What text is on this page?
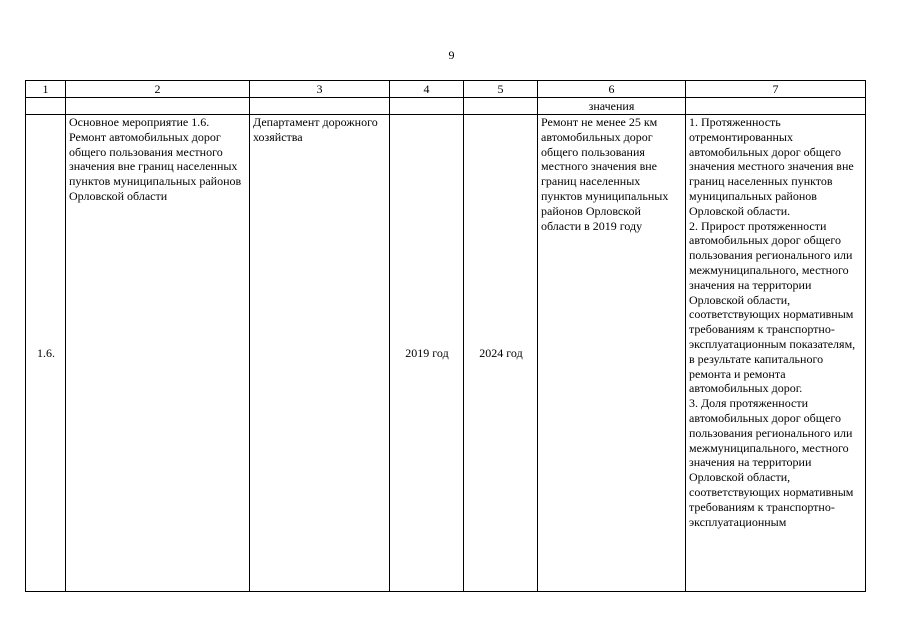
9
1	2	3	4	5	6	7
					значения	
1.6.	Основное мероприятие 1.6. Ремонт автомобильных дорог общего пользования местного значения вне границ населенных пунктов муниципальных районов Орловской области	Департамент дорожного хозяйства	2019 год	2024 год	Ремонт не менее 25 км автомобильных дорог общего пользования местного значения вне границ населенных пунктов муниципальных районов Орловской области в 2019 году	1. Протяженность отремонтированных автомобильных дорог общего значения местного значения вне границ населенных пунктов муниципальных районов Орловской области.
2. Прирост протяженности автомобильных дорог общего пользования регионального или межмуниципального, местного значения на территории Орловской области, соответствующих нормативным требованиям к транспортно-эксплуатационным показателям, в результате капитального ремонта и ремонта автомобильных дорог.
3. Доля протяженности автомобильных дорог общего пользования регионального или межмуниципального, местного значения на территории Орловской области, соответствующих нормативным требованиям к транспортно-эксплуатационным
